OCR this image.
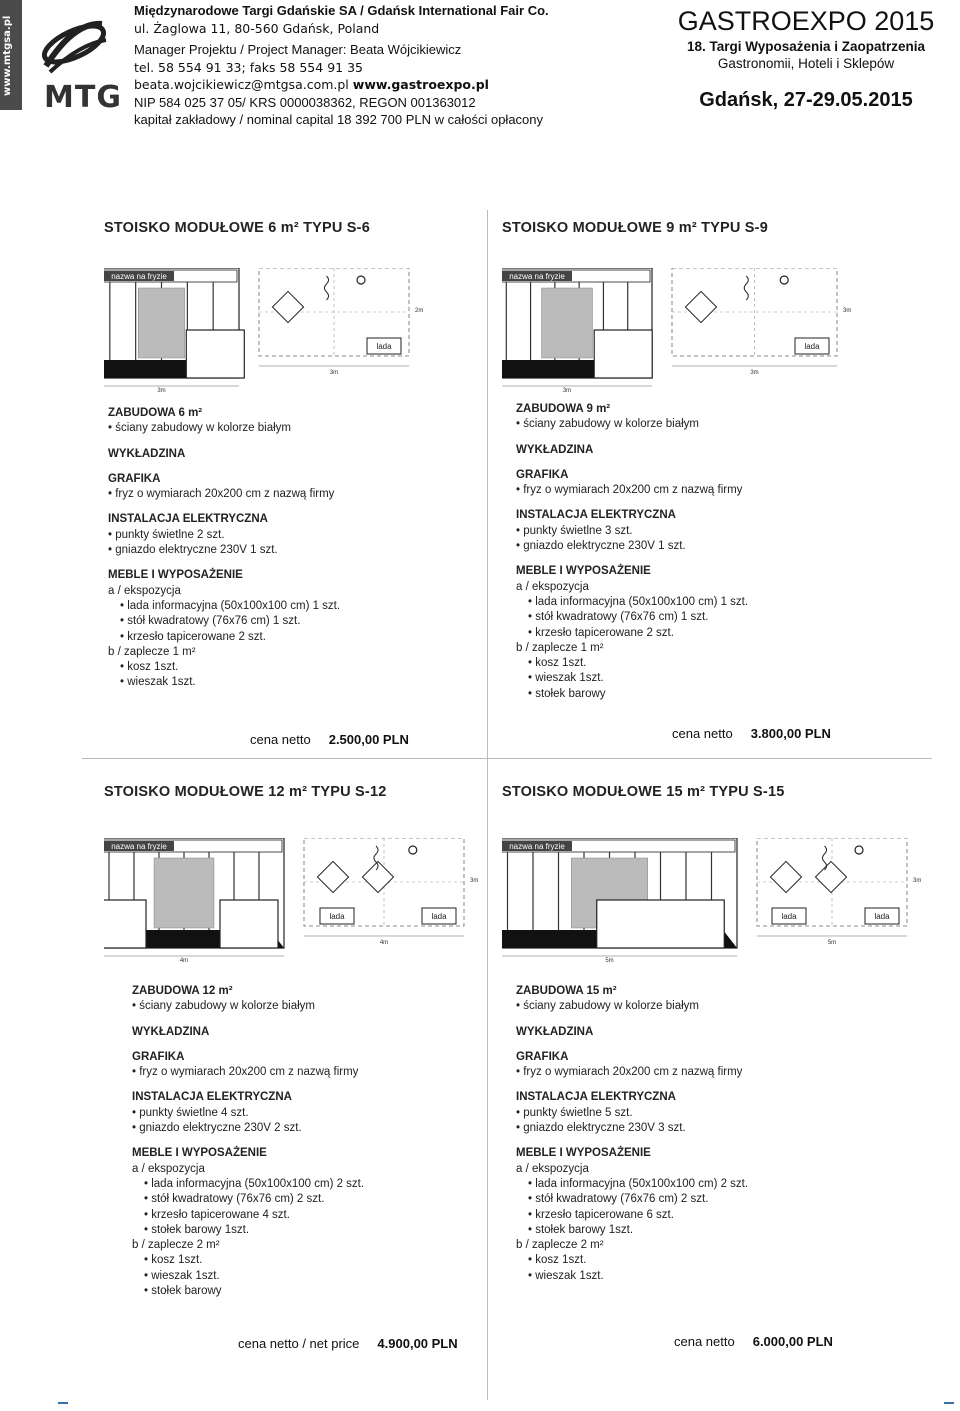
www.mtgsa.pl
MTG
Międzynarodowe Targi Gdańskie SA / Gdańsk International Fair Co.
ul. Żaglowa 11, 80-560 Gdańsk, Poland
Manager Projektu / Project Manager: Beata Wójcikiewicz
tel. 58 554 91 33; faks 58 554 91 35
beata.wojcikiewicz@mtgsa.com.pl www.gastroexpo.pl
NIP 584 025 37 05/ KRS 0000038362, REGON 001363012
kapitał zakładowy / nominal capital 18 392 700 PLN w całości opłacony
GASTROEXPO 2015
18. Targi Wyposażenia i Zaopatrzenia
Gastronomii, Hoteli i Sklepów
Gdańsk, 27-29.05.2015
STOISKO MODUŁOWE 6 m² TYPU S-6
nazwa na fryzie
3m
lada
3m
2m
ZABUDOWA 6 m²
• ściany zabudowy w kolorze białym
WYKŁADZINA
GRAFIKA
• fryz o wymiarach 20x200 cm z nazwą firmy
INSTALACJA ELEKTRYCZNA
• punkty świetlne 2 szt.
• gniazdo elektryczne 230V 1 szt.
MEBLE I WYPOSAŻENIE
a / ekspozycja
• lada informacyjna (50x100x100 cm) 1 szt.
• stół kwadratowy (76x76 cm) 1 szt.
• krzesło tapicerowane 2 szt.
b / zaplecze 1 m²
• kosz 1szt.
• wieszak 1szt.
cena netto 2.500,00 PLN
STOISKO MODUŁOWE 9 m² TYPU S-9
nazwa na fryzie
3m
lada
3m
3m
ZABUDOWA 9 m²
• ściany zabudowy w kolorze białym
WYKŁADZINA
GRAFIKA
• fryz o wymiarach 20x200 cm z nazwą firmy
INSTALACJA ELEKTRYCZNA
• punkty świetlne 3 szt.
• gniazdo elektryczne 230V 1 szt.
MEBLE I WYPOSAŻENIE
a / ekspozycja
• lada informacyjna (50x100x100 cm) 1 szt.
• stół kwadratowy (76x76 cm) 1 szt.
• krzesło tapicerowane 2 szt.
b / zaplecze 1 m²
• kosz 1szt.
• wieszak 1szt.
• stołek barowy
cena netto 3.800,00 PLN
STOISKO MODUŁOWE 12 m² TYPU S-12
nazwa na fryzie
4m
lada	lada
4m
3m
ZABUDOWA 12 m²
• ściany zabudowy w kolorze białym
WYKŁADZINA
GRAFIKA
• fryz o wymiarach 20x200 cm z nazwą firmy
INSTALACJA ELEKTRYCZNA
• punkty świetlne 4 szt.
• gniazdo elektryczne 230V 2 szt.
MEBLE I WYPOSAŻENIE
a / ekspozycja
• lada informacyjna (50x100x100 cm) 2 szt.
• stół kwadratowy (76x76 cm) 2 szt.
• krzesło tapicerowane 4 szt.
• stołek barowy 1szt.
b / zaplecze 2 m²
• kosz 1szt.
• wieszak 1szt.
• stołek barowy
cena netto / net price 4.900,00 PLN
STOISKO MODUŁOWE 15 m² TYPU S-15
nazwa na fryzie
5m
lada	lada
5m
3m
ZABUDOWA 15 m²
• ściany zabudowy w kolorze białym
WYKŁADZINA
GRAFIKA
• fryz o wymiarach 20x200 cm z nazwą firmy
INSTALACJA ELEKTRYCZNA
• punkty świetlne 5 szt.
• gniazdo elektryczne 230V 3 szt.
MEBLE I WYPOSAŻENIE
a / ekspozycja
• lada informacyjna (50x100x100 cm) 2 szt.
• stół kwadratowy (76x76 cm) 2 szt.
• krzesło tapicerowane 6 szt.
• stołek barowy 1szt.
b / zaplecze 2 m²
• kosz 1szt.
• wieszak 1szt.
cena netto 6.000,00 PLN
